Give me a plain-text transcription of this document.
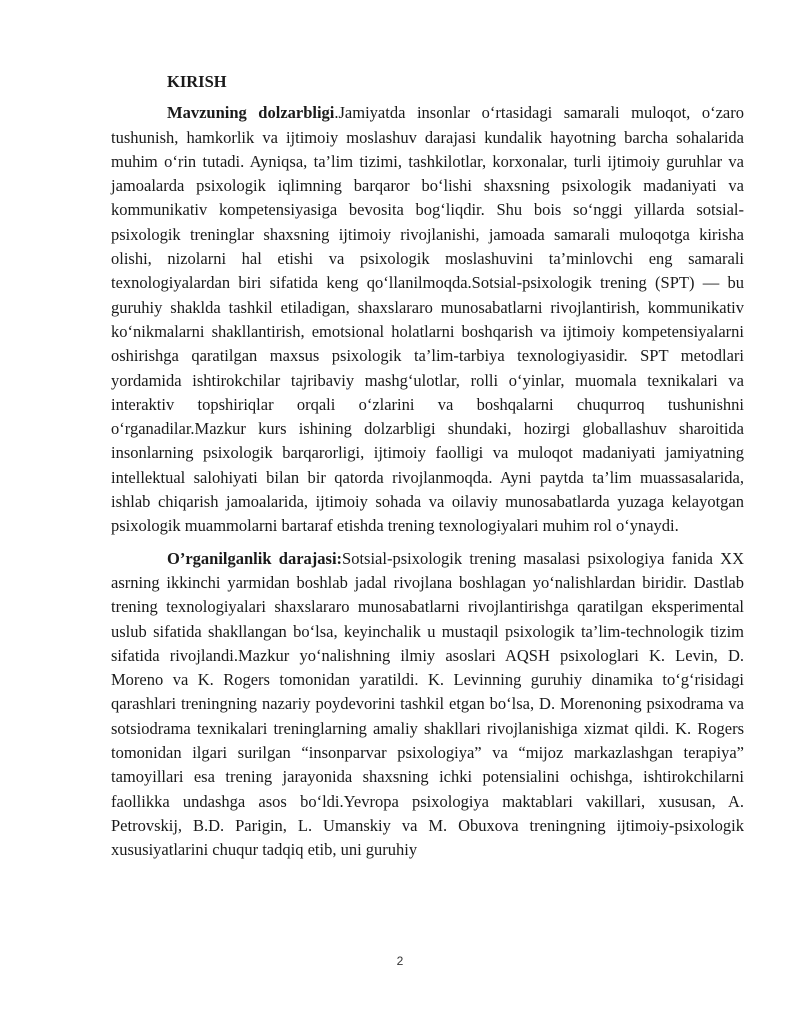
KIRISH

Mavzuning dolzarbligi.Jamiyatda insonlar o‘rtasidagi samarali muloqot, o‘zaro tushunish, hamkorlik va ijtimoiy moslashuv darajasi kundalik hayotning barcha sohalarida muhim o‘rin tutadi. Ayniqsa, ta’lim tizimi, tashkilotlar, korxonalar, turli ijtimoiy guruhlar va jamoalarda psixologik iqlimning barqaror bo‘lishi shaxsning psixologik madaniyati va kommunikativ kompetensiyasiga bevosita bog‘liqdir. Shu bois so‘nggi yillarda sotsial-psixologik treninglar shaxsning ijtimoiy rivojlanishi, jamoada samarali muloqotga kirisha olishi, nizolarni hal etishi va psixologik moslashuvini ta’minlovchi eng samarali texnologiyalardan biri sifatida keng qo‘llanilmoqda.Sotsial-psixologik trening (SPT) — bu guruhiy shaklda tashkil etiladigan, shaxslararo munosabatlarni rivojlantirish, kommunikativ ko‘nikmalarni shakllantirish, emotsional holatlarni boshqarish va ijtimoiy kompetensiyalarni oshirishga qaratilgan maxsus psixologik ta’lim-tarbiya texnologiyasidir. SPT metodlari yordamida ishtirokchilar tajribaviy mashg‘ulotlar, rolli o‘yinlar, muomala texnikalari va interaktiv topshiriqlar orqali o‘zlarini va boshqalarni chuqurroq tushunishni o‘rganadilar.Mazkur kurs ishining dolzarbligi shundaki, hozirgi globallashuv sharoitida insonlarning psixologik barqarorligi, ijtimoiy faolligi va muloqot madaniyati jamiyatning intellektual salohiyati bilan bir qatorda rivojlanmoqda. Ayni paytda ta’lim muassasalarida, ishlab chiqarish jamoalarida, ijtimoiy sohada va oilaviy munosabatlarda yuzaga kelayotgan psixologik muammolarni bartaraf etishda trening texnologiyalari muhim rol o‘ynaydi.

O’rganilganlik darajasi:Sotsial-psixologik trening masalasi psixologiya fanida XX asrning ikkinchi yarmidan boshlab jadal rivojlana boshlagan yo‘nalishlardan biridir. Dastlab trening texnologiyalari shaxslararo munosabatlarni rivojlantirishga qaratilgan eksperimental uslub sifatida shakllangan bo‘lsa, keyinchalik u mustaqil psixologik ta’lim-technologik tizim sifatida rivojlandi.Mazkur yo‘nalishning ilmiy asoslari AQSH psixologlari K. Levin, D. Moreno va K. Rogers tomonidan yaratildi. K. Levinning guruhiy dinamika to‘g‘risidagi qarashlari treningning nazariy poydevorini tashkil etgan bo‘lsa, D. Morenoning psixodrama va sotsiodrama texnikalari treninglarning amaliy shakllari rivojlanishiga xizmat qildi. K. Rogers tomonidan ilgari surilgan “insonparvar psixologiya” va “mijoz markazlashgan terapiya” tamoyillari esa trening jarayonida shaxsning ichki potensialini ochishga, ishtirokchilarni faollikka undashga asos bo‘ldi.Yevropa psixologiya maktablari vakillari, xususan, A. Petrovskij, B.D. Parigin, L. Umanskiy va M. Obuxova treningning ijtimoiy-psixologik xususiyatlarini chuqur tadqiq etib, uni guruhiy

2
